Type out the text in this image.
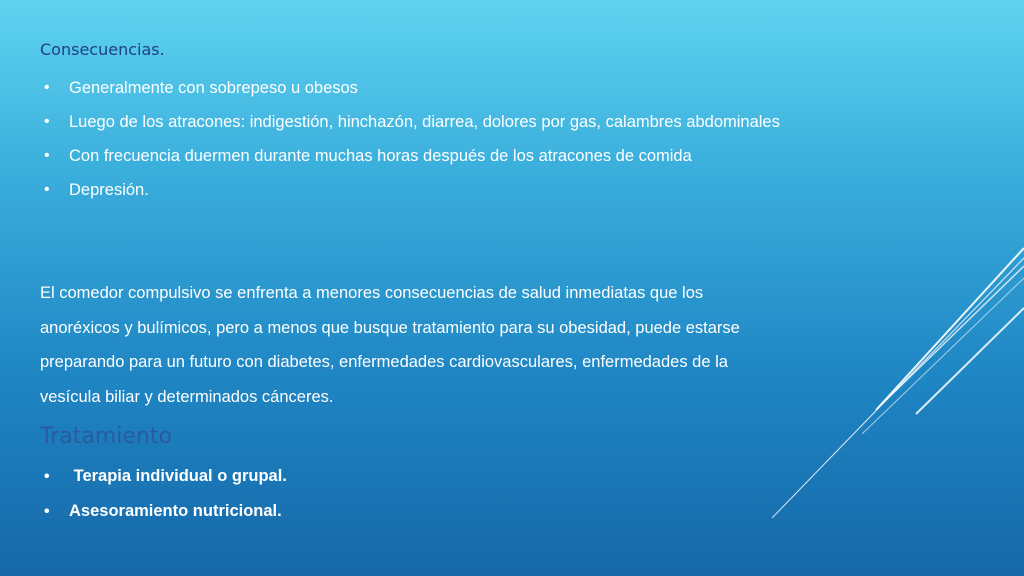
Consecuencias.
• Generalmente con sobrepeso u obesos
• Luego de los atracones: indigestión, hinchazón, diarrea, dolores por gas, calambres abdominales
• Con frecuencia duermen durante muchas horas después de los atracones de comida
• Depresión.
El comedor compulsivo se enfrenta a menores consecuencias de salud inmediatas que los anoréxicos y bulímicos, pero a menos que busque tratamiento para su obesidad, puede estarse preparando para un futuro con diabetes, enfermedades cardiovasculares, enfermedades de la vesícula biliar y determinados cánceres.
Tratamiento
• Terapia individual o grupal.
• Asesoramiento nutricional.
